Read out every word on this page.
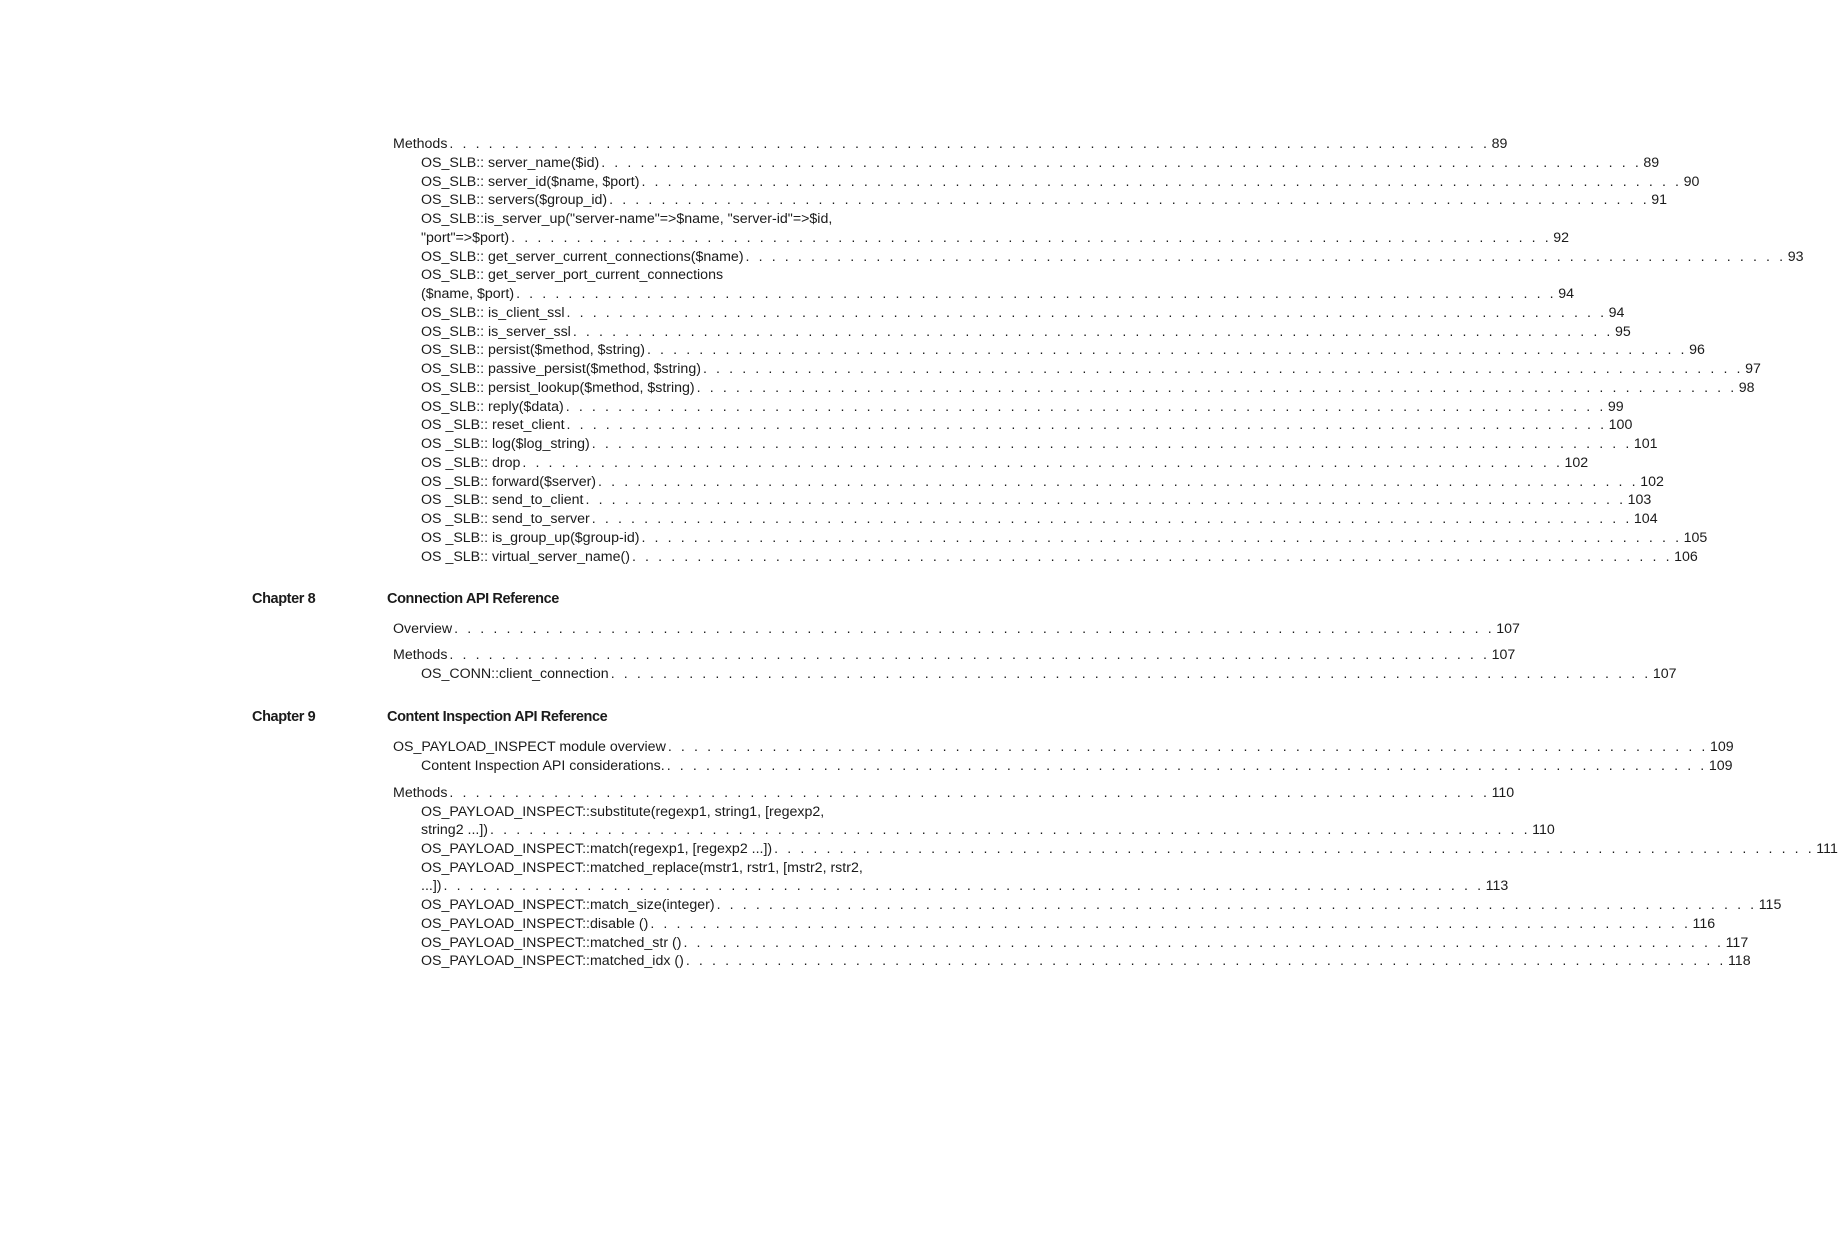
Chapter 8	Connection API Reference
Chapter 9	Content Inspection API Reference
Methods . . . . . . . . . . . . . . . . . . . . . . . . . . . . . . . . . . . . . . . . . . . . . . . . . . . . . . . . . . . . . . . . . . . . . . . . . . . . . . . . 89
OS_SLB:: server_name($id) . . . . . . . . . . . . . . . . . . . . . . . . . . . . . . . . . . . . . . . . . . . . . . . . . . . . . . . . . . . . . . . . . . . . . . . . . . . . . . . . 89
OS_SLB:: server_id($name, $port) . . . . . . . . . . . . . . . . . . . . . . . . . . . . . . . . . . . . . . . . . . . . . . . . . . . . . . . . . . . . . . . . . . . . . . . . . . . . . . . . 90
OS_SLB:: servers($group_id) . . . . . . . . . . . . . . . . . . . . . . . . . . . . . . . . . . . . . . . . . . . . . . . . . . . . . . . . . . . . . . . . . . . . . . . . . . . . . . . . 91
OS_SLB::is_server_up("server-name"=>$name, "server-id"=>$id,
"port"=>$port) . . . . . . . . . . . . . . . . . . . . . . . . . . . . . . . . . . . . . . . . . . . . . . . . . . . . . . . . . . . . . . . . . . . . . . . . . . . . . . . . 92
OS_SLB:: get_server_current_connections($name) . . . . . . . . . . . . . . . . . . . . . . . . . . . . . . . . . . . . . . . . . . . . . . . . . . . . . . . . . . . . . . . . . . . . . . . . . . . . . . . . 93
OS_SLB:: get_server_port_current_connections
($name, $port) . . . . . . . . . . . . . . . . . . . . . . . . . . . . . . . . . . . . . . . . . . . . . . . . . . . . . . . . . . . . . . . . . . . . . . . . . . . . . . . . 94
OS_SLB:: is_client_ssl . . . . . . . . . . . . . . . . . . . . . . . . . . . . . . . . . . . . . . . . . . . . . . . . . . . . . . . . . . . . . . . . . . . . . . . . . . . . . . . . 94
OS_SLB:: is_server_ssl . . . . . . . . . . . . . . . . . . . . . . . . . . . . . . . . . . . . . . . . . . . . . . . . . . . . . . . . . . . . . . . . . . . . . . . . . . . . . . . . 95
OS_SLB:: persist($method, $string) . . . . . . . . . . . . . . . . . . . . . . . . . . . . . . . . . . . . . . . . . . . . . . . . . . . . . . . . . . . . . . . . . . . . . . . . . . . . . . . . 96
OS_SLB:: passive_persist($method, $string) . . . . . . . . . . . . . . . . . . . . . . . . . . . . . . . . . . . . . . . . . . . . . . . . . . . . . . . . . . . . . . . . . . . . . . . . . . . . . . . . 97
OS_SLB:: persist_lookup($method, $string) . . . . . . . . . . . . . . . . . . . . . . . . . . . . . . . . . . . . . . . . . . . . . . . . . . . . . . . . . . . . . . . . . . . . . . . . . . . . . . . . 98
OS_SLB:: reply($data) . . . . . . . . . . . . . . . . . . . . . . . . . . . . . . . . . . . . . . . . . . . . . . . . . . . . . . . . . . . . . . . . . . . . . . . . . . . . . . . . 99
OS _SLB:: reset_client . . . . . . . . . . . . . . . . . . . . . . . . . . . . . . . . . . . . . . . . . . . . . . . . . . . . . . . . . . . . . . . . . . . . . . . . . . . . . . . . 100
OS _SLB:: log($log_string) . . . . . . . . . . . . . . . . . . . . . . . . . . . . . . . . . . . . . . . . . . . . . . . . . . . . . . . . . . . . . . . . . . . . . . . . . . . . . . . . 101
OS _SLB:: drop . . . . . . . . . . . . . . . . . . . . . . . . . . . . . . . . . . . . . . . . . . . . . . . . . . . . . . . . . . . . . . . . . . . . . . . . . . . . . . . . 102
OS _SLB:: forward($server) . . . . . . . . . . . . . . . . . . . . . . . . . . . . . . . . . . . . . . . . . . . . . . . . . . . . . . . . . . . . . . . . . . . . . . . . . . . . . . . . 102
OS _SLB:: send_to_client . . . . . . . . . . . . . . . . . . . . . . . . . . . . . . . . . . . . . . . . . . . . . . . . . . . . . . . . . . . . . . . . . . . . . . . . . . . . . . . . 103
OS _SLB:: send_to_server . . . . . . . . . . . . . . . . . . . . . . . . . . . . . . . . . . . . . . . . . . . . . . . . . . . . . . . . . . . . . . . . . . . . . . . . . . . . . . . . 104
OS _SLB:: is_group_up($group-id) . . . . . . . . . . . . . . . . . . . . . . . . . . . . . . . . . . . . . . . . . . . . . . . . . . . . . . . . . . . . . . . . . . . . . . . . . . . . . . . . 105
OS _SLB:: virtual_server_name() . . . . . . . . . . . . . . . . . . . . . . . . . . . . . . . . . . . . . . . . . . . . . . . . . . . . . . . . . . . . . . . . . . . . . . . . . . . . . . . . 106
Overview . . . . . . . . . . . . . . . . . . . . . . . . . . . . . . . . . . . . . . . . . . . . . . . . . . . . . . . . . . . . . . . . . . . . . . . . . . . . . . . . 107
Methods . . . . . . . . . . . . . . . . . . . . . . . . . . . . . . . . . . . . . . . . . . . . . . . . . . . . . . . . . . . . . . . . . . . . . . . . . . . . . . . . 107
OS_CONN::client_connection . . . . . . . . . . . . . . . . . . . . . . . . . . . . . . . . . . . . . . . . . . . . . . . . . . . . . . . . . . . . . . . . . . . . . . . . . . . . . . . . 107
OS_PAYLOAD_INSPECT module overview . . . . . . . . . . . . . . . . . . . . . . . . . . . . . . . . . . . . . . . . . . . . . . . . . . . . . . . . . . . . . . . . . . . . . . . . . . . . . . . . 109
Content Inspection API considerations. . . . . . . . . . . . . . . . . . . . . . . . . . . . . . . . . . . . . . . . . . . . . . . . . . . . . . . . . . . . . . . . . . . . . . . . . . . . . . . . . 109
Methods . . . . . . . . . . . . . . . . . . . . . . . . . . . . . . . . . . . . . . . . . . . . . . . . . . . . . . . . . . . . . . . . . . . . . . . . . . . . . . . . 110
OS_PAYLOAD_INSPECT::substitute(regexp1, string1, [regexp2,
string2 ...]) . . . . . . . . . . . . . . . . . . . . . . . . . . . . . . . . . . . . . . . . . . . . . . . . . . . . . . . . . . . . . . . . . . . . . . . . . . . . . . . . 110
OS_PAYLOAD_INSPECT::match(regexp1, [regexp2 ...]) . . . . . . . . . . . . . . . . . . . . . . . . . . . . . . . . . . . . . . . . . . . . . . . . . . . . . . . . . . . . . . . . . . . . . . . . . . . . . . . . 111
OS_PAYLOAD_INSPECT::matched_replace(mstr1, rstr1, [mstr2, rstr2,
...]) . . . . . . . . . . . . . . . . . . . . . . . . . . . . . . . . . . . . . . . . . . . . . . . . . . . . . . . . . . . . . . . . . . . . . . . . . . . . . . . . 113
OS_PAYLOAD_INSPECT::match_size(integer) . . . . . . . . . . . . . . . . . . . . . . . . . . . . . . . . . . . . . . . . . . . . . . . . . . . . . . . . . . . . . . . . . . . . . . . . . . . . . . . . 115
OS_PAYLOAD_INSPECT::disable () . . . . . . . . . . . . . . . . . . . . . . . . . . . . . . . . . . . . . . . . . . . . . . . . . . . . . . . . . . . . . . . . . . . . . . . . . . . . . . . . 116
OS_PAYLOAD_INSPECT::matched_str () . . . . . . . . . . . . . . . . . . . . . . . . . . . . . . . . . . . . . . . . . . . . . . . . . . . . . . . . . . . . . . . . . . . . . . . . . . . . . . . . 117
OS_PAYLOAD_INSPECT::matched_idx () . . . . . . . . . . . . . . . . . . . . . . . . . . . . . . . . . . . . . . . . . . . . . . . . . . . . . . . . . . . . . . . . . . . . . . . . . . . . . . . . 118
